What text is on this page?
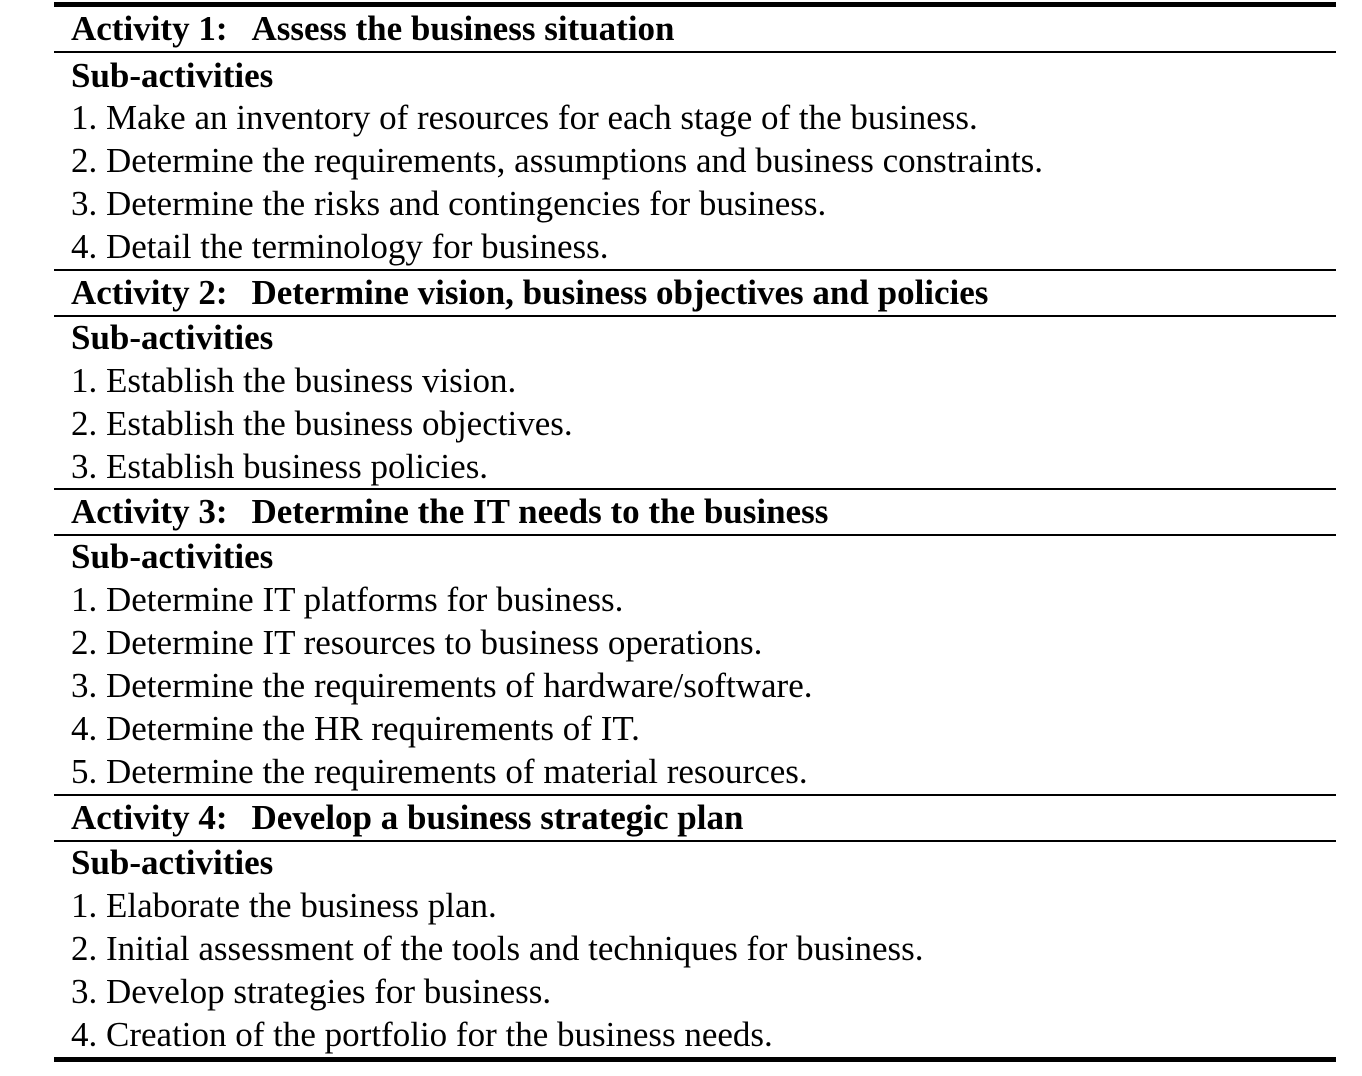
Activity 1: Assess the business situation
Sub-activities
1. Make an inventory of resources for each stage of the business.
2. Determine the requirements, assumptions and business constraints.
3. Determine the risks and contingencies for business.
4. Detail the terminology for business.
Activity 2: Determine vision, business objectives and policies
Sub-activities
1. Establish the business vision.
2. Establish the business objectives.
3. Establish business policies.
Activity 3: Determine the IT needs to the business
Sub-activities
1. Determine IT platforms for business.
2. Determine IT resources to business operations.
3. Determine the requirements of hardware/software.
4. Determine the HR requirements of IT.
5. Determine the requirements of material resources.
Activity 4: Develop a business strategic plan
Sub-activities
1. Elaborate the business plan.
2. Initial assessment of the tools and techniques for business.
3. Develop strategies for business.
4. Creation of the portfolio for the business needs.
